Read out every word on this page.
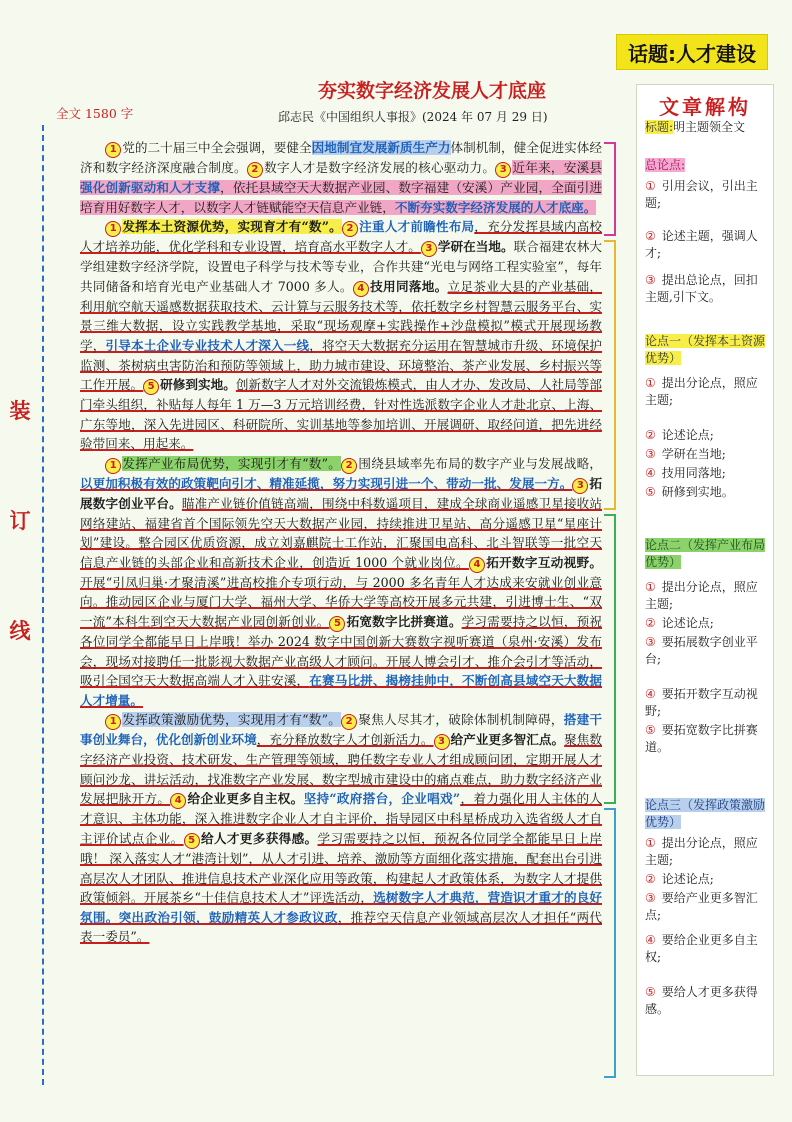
话题:人才建设
夯实数字经济发展人才底座
全文 1580 字	邱志民《中国组织人事报》(2024 年 07 月 29 日)
装
订
线

1 党的二十届三中全会强调，要健全因地制宜发展新质生产力体制机制，健全促进实体经济和数字经济深度融合制度。 2 数字人才是数字经济发展的核心驱动力。 3 近年来，安溪县强化创新驱动和人才支撑，依托县域空天大数据产业园、数字福建（安溪）产业园，全面引进培育用好数字人才，以数字人才链赋能空天信息产业链，不断夯实数字经济发展的人才底座。

1 发挥本土资源优势，实现育才有“数”。 2 注重人才前瞻性布局，充分发挥县域内高校人才培养功能，优化学科和专业设置，培育高水平数字人才。 3 学研在当地。联合福建农林大学组建数字经济学院，设置电子科学与技术等专业，合作共建“光电与网络工程实验室”，每年共同储备和培育光电产业基础人才 7000 多人。 4 技用同落地。立足茶业大县的产业基础，利用航空航天遥感数据获取技术、云计算与云服务技术等，依托数字乡村智慧云服务平台、实景三维大数据，设立实践教学基地，采取“现场观摩+实践操作+沙盘模拟”模式开展现场教学，引导本土企业专业技术人才深入一线，将空天大数据充分运用在智慧城市升级、环境保护监测、茶树病虫害防治和预防等领域上，助力城市建设、环境整治、茶产业发展、乡村振兴等工作开展。 5 研修到实地。创新数字人才对外交流锻炼模式，由人才办、发改局、人社局等部门牵头组织，补贴每人每年 1 万—3 万元培训经费，针对性选派数字企业人才赴北京、上海、广东等地，深入先进园区、科研院所、实训基地等参加培训、开展调研、取经问道，把先进经验带回来、用起来。

1 发挥产业布局优势，实现引才有“数”。 2 围绕县域率先布局的数字产业与发展战略，以更加积极有效的政策靶向引才、精准延揽，努力实现引进一个、带动一批、发展一方。 3 拓展数字创业平台。瞄准产业链价值链高端，围绕中科数遥项目，建成全球商业遥感卫星接收站网络建站、福建省首个国际领先空天大数据产业园，持续推进卫星站、高分遥感卫星“星座计划”建设。整合园区优质资源，成立刘嘉麒院士工作站，汇聚国电高科、北斗智联等一批空天信息产业链的头部企业和高新技术企业，创造近 1000 个就业岗位。 4 拓开数字互动视野。开展“引凤归巢·才聚清溪”进高校推介专项行动，与 2000 多名青年人才达成来安就业创业意向。推动园区企业与厦门大学、福州大学、华侨大学等高校开展多元共建，引进博士生、“双一流”本科生到空天大数据产业园创新创业。 5 拓宽数字比拼赛道。学习需要持之以恒，预祝各位同学全都能早日上岸哦！举办 2024 数字中国创新大赛数字视听赛道（泉州·安溪）发布会，现场对接聘任一批影视大数据产业高级人才顾问。开展人博会引才、推介会引才等活动，吸引全国空天大数据高端人才入驻安溪，在赛马比拼、揭榜挂帅中，不断创高县域空天大数据人才增量。

1 发挥政策激励优势，实现用才有“数”。 2 聚焦人尽其才，破除体制机制障碍，搭建干事创业舞台，优化创新创业环境，充分释放数字人才创新活力。 3 给产业更多智汇点。聚焦数字经济产业投资、技术研发、生产管理等领域，聘任数字专业人才组成顾问团，定期开展人才顾问沙龙、讲坛活动，找准数字产业发展、数字型城市建设中的痛点难点，助力数字经济产业发展把脉开方。 4 给企业更多自主权。坚持“政府搭台，企业唱戏”，着力强化用人主体的人才意识、主体功能，深入推进数字企业人才自主评价，指导园区中科星桥成功入选省级人才自主评价试点企业。 5 给人才更多获得感。学习需要持之以恒，预祝各位同学全都能早日上岸哦！ 深入落实人才“港湾计划”，从人才引进、培养、激励等方面细化落实措施，配套出台引进高层次人才团队、推进信息技术产业深化应用等政策，构建起人才政策体系，为数字人才提供政策倾斜。开展茶乡“十佳信息技术人才”评选活动，选树数字人才典范，营造识才重才的良好氛围。突出政治引领，鼓励精英人才参政议政，推荐空天信息产业领域高层次人才担任“两代表一委员”。

文章解构
标题:明主题领全文
总论点:
① 引用会议，引出主题;
② 论述主题，强调人才;
③ 提出总论点，回扣主题,引下文。
论点一（发挥本土资源优势）
① 提出分论点，照应主题;
② 论述论点;
③ 学研在当地;
④ 技用同落地;
⑤ 研修到实地。
论点二（发挥产业布局优势）
① 提出分论点，照应主题;
② 论述论点;
③ 要拓展数字创业平台;
④ 要拓开数字互动视野;
⑤ 要拓宽数字比拼赛道。
论点三（发挥政策激励优势）
① 提出分论点，照应主题;
② 论述论点;
③ 要给产业更多智汇点;
④ 要给企业更多自主权;
⑤ 要给人才更多获得感。
